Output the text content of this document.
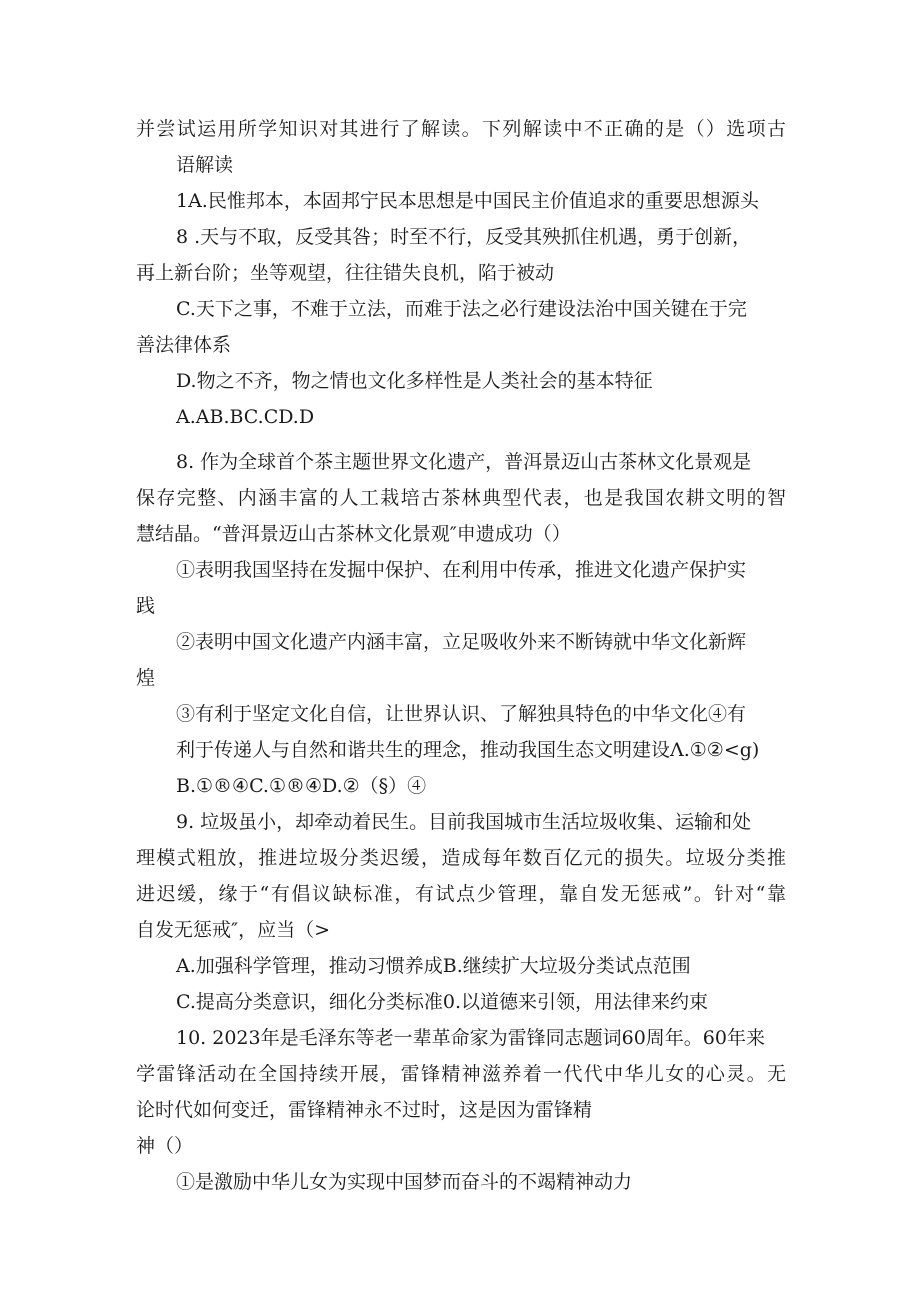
并尝试运用所学知识对其进行了解读。下列解读中不正确的是（）选项古

语解读

1A.民惟邦本，本固邦宁民本思想是中国民主价值追求的重要思想源头

8 .天与不取，反受其咎；时至不行，反受其殃抓住机遇，勇于创新，

再上新台阶；坐等观望，往往错失良机，陷于被动

C.天下之事，不难于立法，而难于法之必行建设法治中国关键在于完

善法律体系

D.物之不齐，物之情也文化多样性是人类社会的基本特征

A.AB.BC.CD.D

8. 作为全球首个茶主题世界文化遗产，普洱景迈山古茶林文化景观是

保存完整、内涵丰富的人工栽培古茶林典型代表，也是我国农耕文明的智

慧结晶。“普洱景迈山古茶林文化景观″申遗成功（）

①表明我国坚持在发掘中保护、在利用中传承，推进文化遗产保护实

践

②表明中国文化遗产内涵丰富，立足吸收外来不断铸就中华文化新辉

煌

③有利于坚定文化自信，让世界认识、了解独具特色的中华文化④有

利于传递人与自然和谐共生的理念，推动我国生态文明建设Λ.①②<g)

B.①®④C.①®④D.②（§）④

9. 垃圾虽小，却牵动着民生。目前我国城市生活垃圾收集、运输和处

理模式粗放，推进垃圾分类迟缓，造成每年数百亿元的损失。垃圾分类推

进迟缓，缘于“有倡议缺标准，有试点少管理，靠自发无惩戒”。针对“靠

自发无惩戒″，应当（>

A.加强科学管理，推动习惯养成B.继续扩大垃圾分类试点范围

C.提高分类意识，细化分类标准0.以道德来引领，用法律来约束

10. 2023年是毛泽东等老一辈革命家为雷锋同志题词60周年。60年来

学雷锋活动在全国持续开展，雷锋精神滋养着一代代中华儿女的心灵。无

论时代如何变迁，雷锋精神永不过时，这是因为雷锋精

神（）

①是激励中华儿女为实现中国梦而奋斗的不竭精神动力
